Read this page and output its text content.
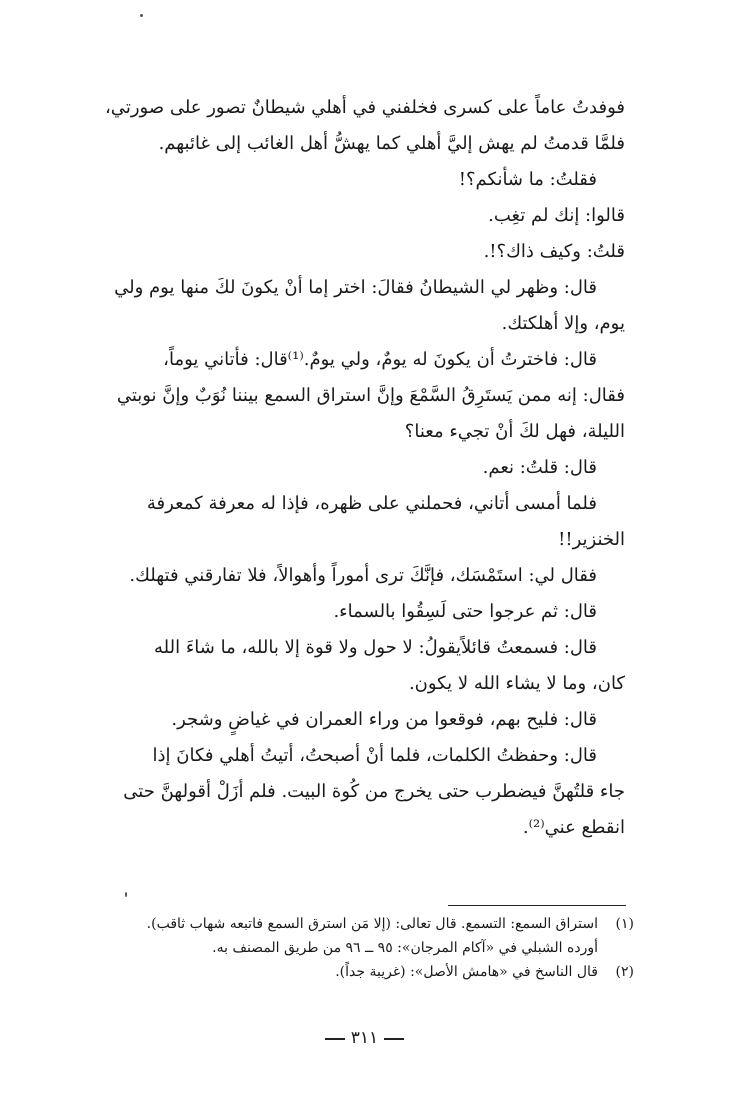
فوفدتُ عاماً على كسرى فخلفني في أهلي شيطانٌ تصور على صورتي،
فلمَّا قدمتُ لم يهش إليَّ أهلي كما يهشُّ أهل الغائب إلى غائبهم.
فقلتُ: ما شأنكم؟!
قالوا: إنك لم تغِب.
قلتُ: وكيف ذاك؟!.
قال: وظهر لي الشيطانُ فقالَ: اختر إما أنْ يكونَ لكَ منها يوم ولي
يوم، وإلا أهلكتك.
قال: فاخترتُ أن يكونَ له يومٌ، ولي يومٌ.⁽¹⁾قال: فأتاني يوماً،
فقال: إنه ممن يَستَرِقُ السَّمْعَ وإنَّ استراق السمع بيننا نُوَبٌ وإنَّ نوبتي
الليلة، فهل لكَ أنْ تجيء معنا؟
قال: قلتُ: نعم.
فلما أمسى أتاني، فحملني على ظهره، فإذا له معرفة كمعرفة
الخنزير!!
فقال لي: استَمْسَك، فإنَّكَ ترى أموراً وأهوالاً، فلا تفارقني فتهلك.
قال: ثم عرجوا حتى لَسِقُوا بالسماء.
قال: فسمعتُ قائلاًيقولُ: لا حول ولا قوة إلا بالله، ما شاءَ الله
كان، وما لا يشاء الله لا يكون.
قال: فليح بهم، فوقعوا من وراء العمران في غياضٍ وشجر.
قال: وحفظتُ الكلمات، فلما أنْ أصبحتُ، أتيتُ أهلي فكانَ إذا
جاء قلتُهنَّ فيضطرب حتى يخرج من كُوة البيت. فلم أزَلْ أقولهنَّ حتى
انقطع عني⁽²⁾.
(١)
استراق السمع: التسمع. قال تعالى: (إلا مَن استرق السمع فاتبعه شهاب ثاقب).
أورده الشبلي في «آكام المرجان»: ٩٥ ــ ٩٦ من طريق المصنف به.
(٢)
قال الناسخ في «هامش الأصل»: (غريبة جداً).
٣١١
